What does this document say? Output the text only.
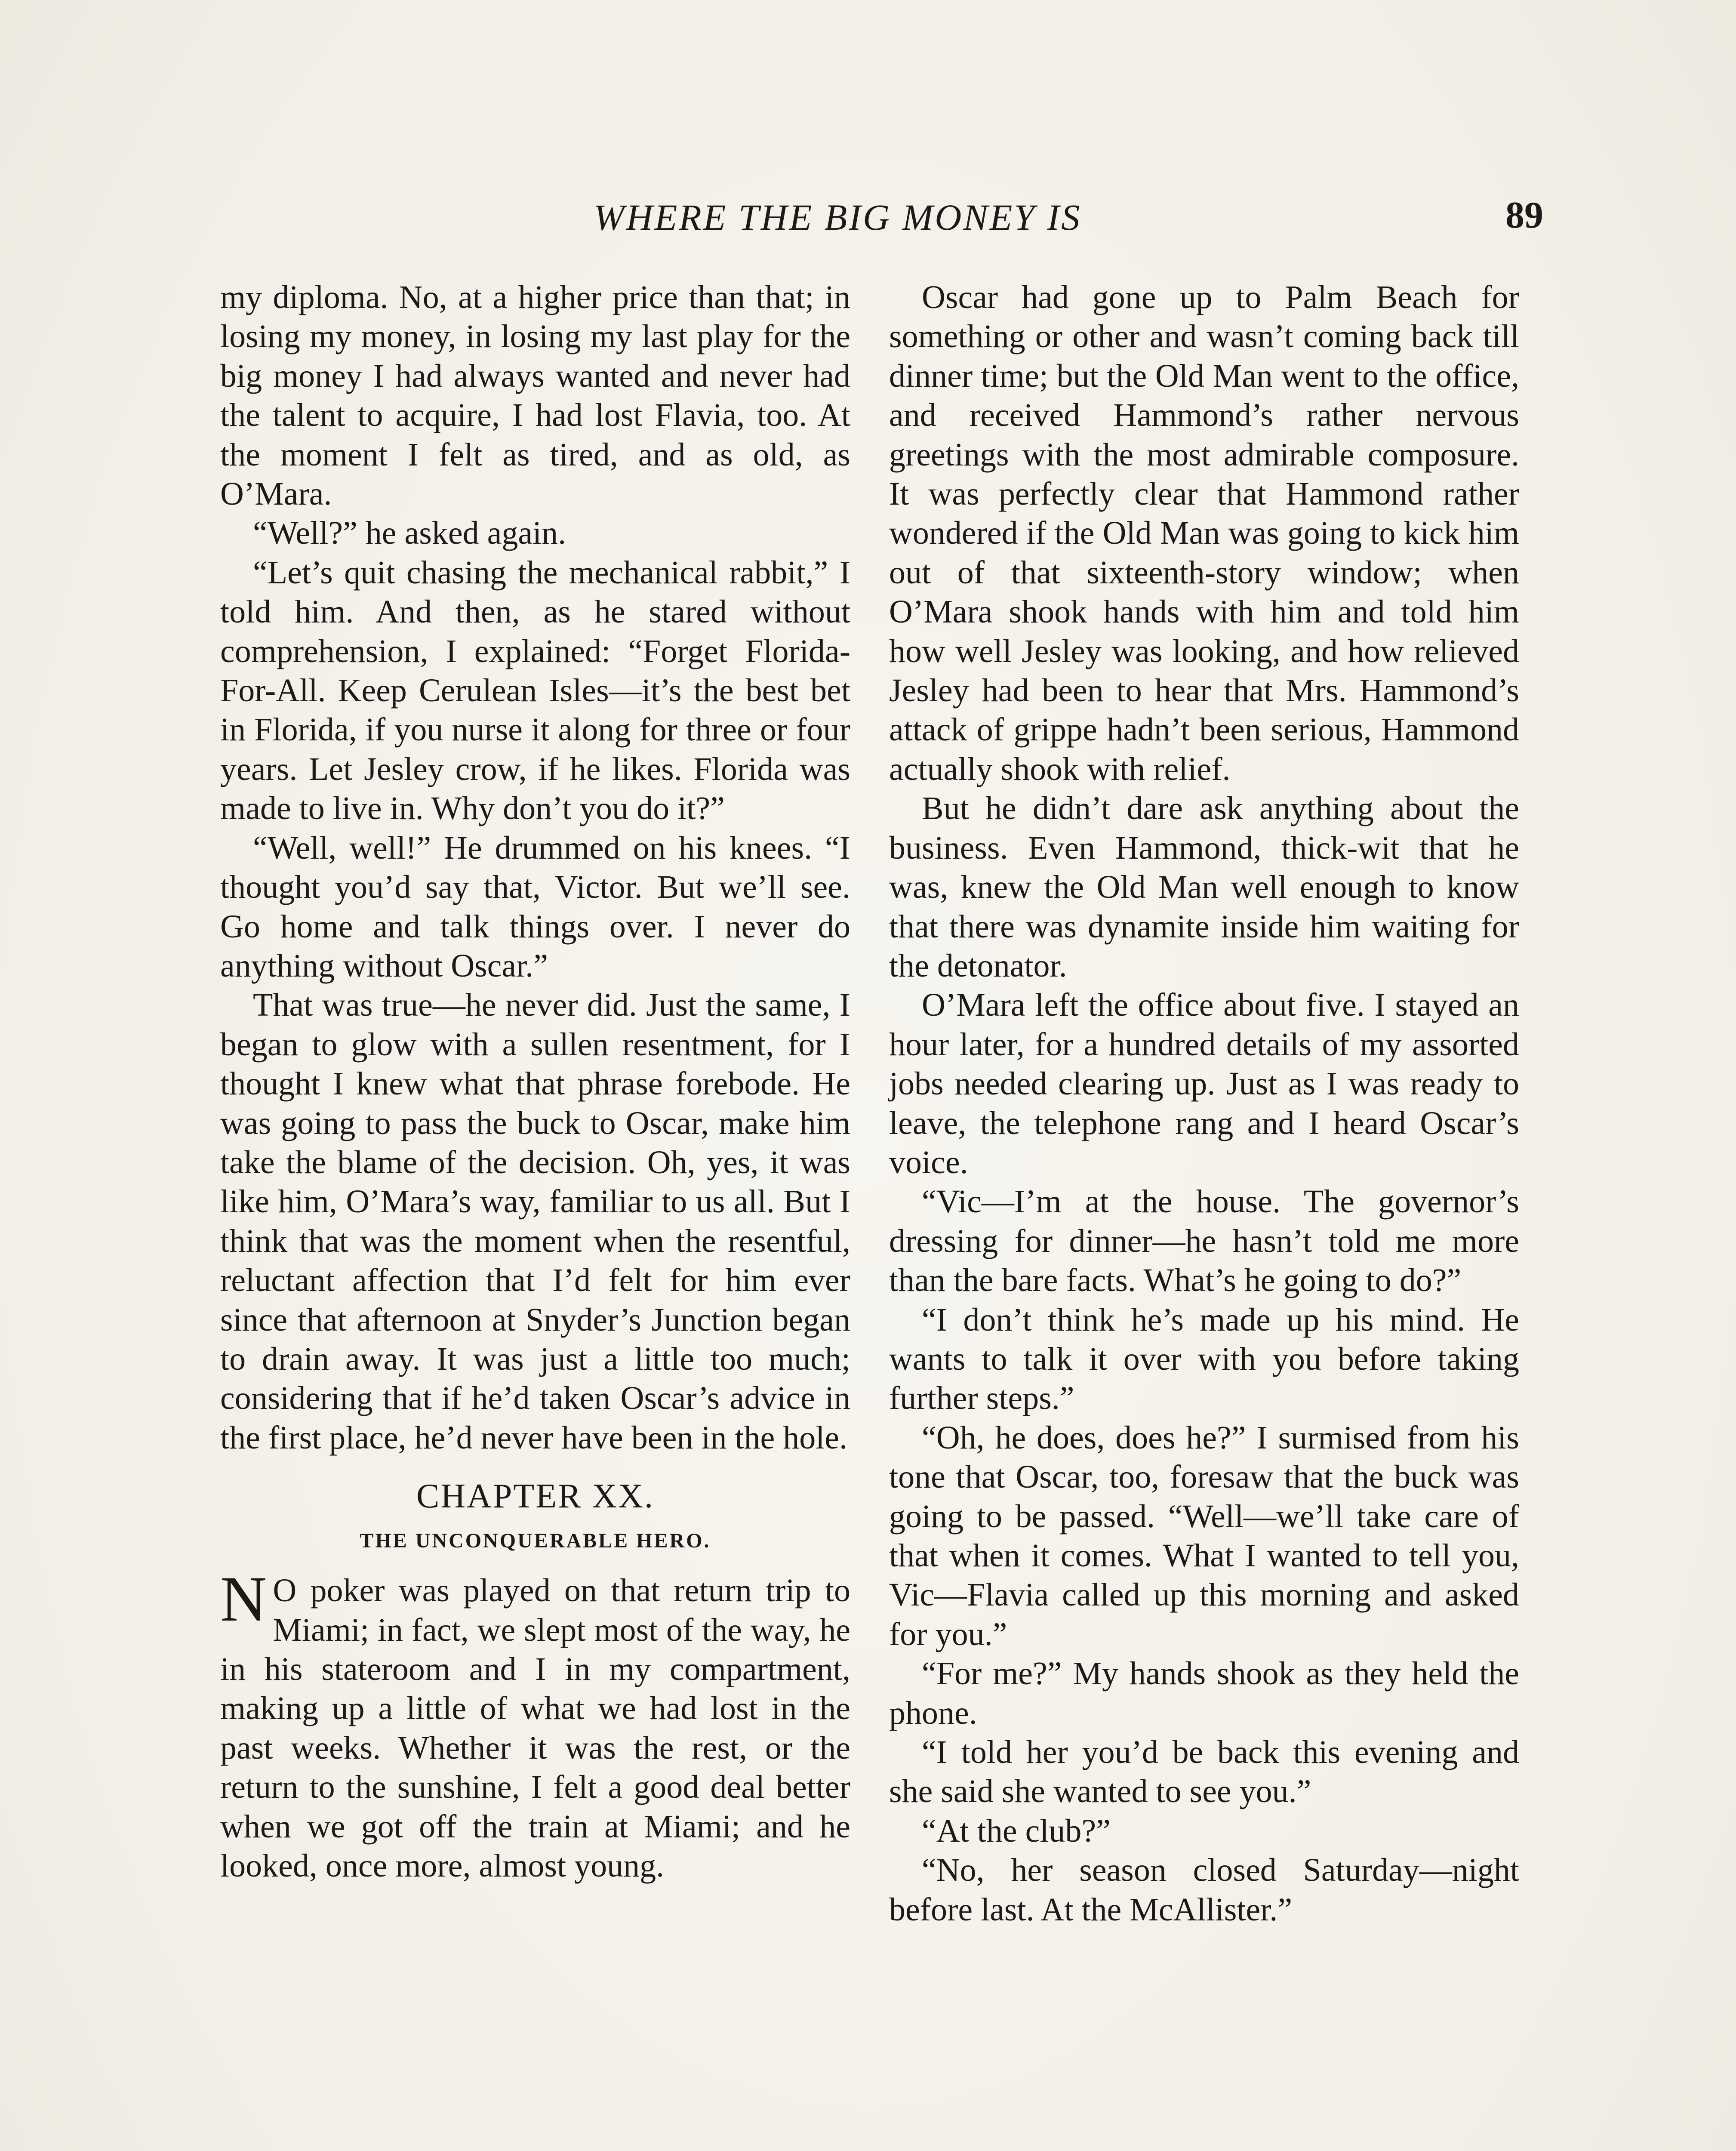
WHERE THE BIG MONEY IS	89

my diploma. No, at a higher price than that; in losing my money, in losing my last play for the big money I had always wanted and never had the talent to acquire, I had lost Flavia, too. At the moment I felt as tired, and as old, as O’Mara.

“Well?” he asked again.

“Let’s quit chasing the mechanical rabbit,” I told him. And then, as he stared without comprehension, I explained: “Forget Florida-For-All. Keep Cerulean Isles—it’s the best bet in Florida, if you nurse it along for three or four years. Let Jesley crow, if he likes. Florida was made to live in. Why don’t you do it?”

“Well, well!” He drummed on his knees. “I thought you’d say that, Victor. But we’ll see. Go home and talk things over. I never do anything without Oscar.”

That was true—he never did. Just the same, I began to glow with a sullen resentment, for I thought I knew what that phrase forebode. He was going to pass the buck to Oscar, make him take the blame of the decision. Oh, yes, it was like him, O’Mara’s way, familiar to us all. But I think that was the moment when the resentful, reluctant affection that I’d felt for him ever since that afternoon at Snyder’s Junction began to drain away. It was just a little too much; considering that if he’d taken Oscar’s advice in the first place, he’d never have been in the hole.

CHAPTER XX.
THE UNCONQUERABLE HERO.

N O poker was played on that return trip to Miami; in fact, we slept most of the way, he in his stateroom and I in my compartment, making up a little of what we had lost in the past weeks. Whether it was the rest, or the return to the sunshine, I felt a good deal better when we got off the train at Miami; and he looked, once more, almost young.

Oscar had gone up to Palm Beach for something or other and wasn’t coming back till dinner time; but the Old Man went to the office, and received Hammond’s rather nervous greetings with the most admirable composure. It was perfectly clear that Hammond rather wondered if the Old Man was going to kick him out of that sixteenth-story window; when O’Mara shook hands with him and told him how well Jesley was looking, and how relieved Jesley had been to hear that Mrs. Hammond’s attack of grippe hadn’t been serious, Hammond actually shook with relief.

But he didn’t dare ask anything about the business. Even Hammond, thick-wit that he was, knew the Old Man well enough to know that there was dynamite inside him waiting for the detonator.

O’Mara left the office about five. I stayed an hour later, for a hundred details of my assorted jobs needed clearing up. Just as I was ready to leave, the telephone rang and I heard Oscar’s voice.

“Vic—I’m at the house. The governor’s dressing for dinner—he hasn’t told me more than the bare facts. What’s he going to do?”

“I don’t think he’s made up his mind. He wants to talk it over with you before taking further steps.”

“Oh, he does, does he?” I surmised from his tone that Oscar, too, foresaw that the buck was going to be passed. “Well—we’ll take care of that when it comes. What I wanted to tell you, Vic—Flavia called up this morning and asked for you.”

“For me?” My hands shook as they held the phone.

“I told her you’d be back this evening and she said she wanted to see you.”

“At the club?”

“No, her season closed Saturday—night before last. At the McAllister.”
